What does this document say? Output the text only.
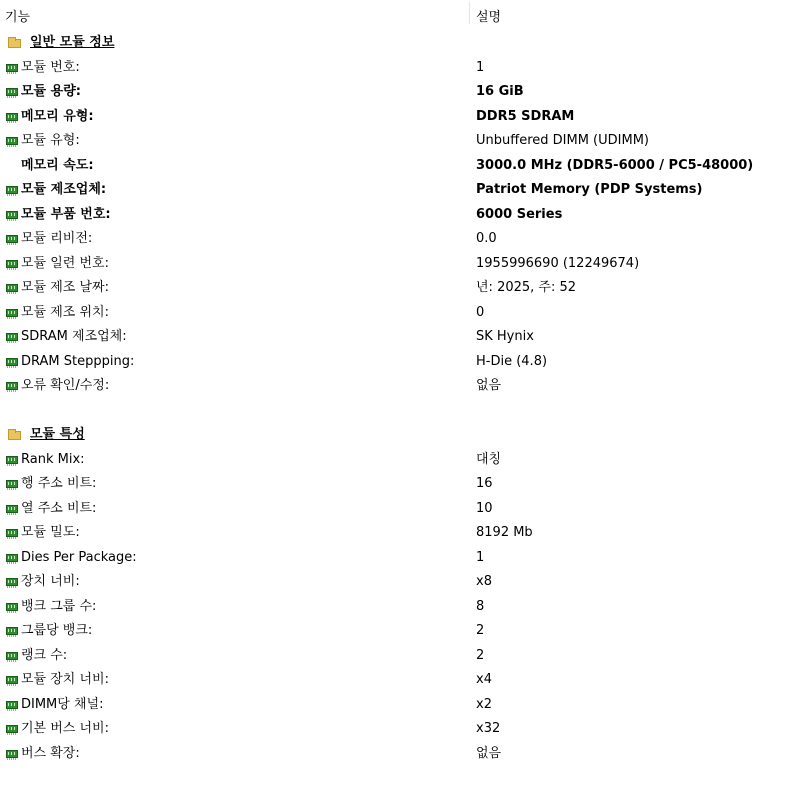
기능	설명
일반 모듈 정보
모듈 번호:	1
모듈 용량:	16 GiB
메모리 유형:	DDR5 SDRAM
모듈 유형:	Unbuffered DIMM (UDIMM)
메모리 속도:	3000.0 MHz (DDR5-6000 / PC5-48000)
모듈 제조업체:	Patriot Memory (PDP Systems)
모듈 부품 번호:	6000 Series
모듈 리비전:	0.0
모듈 일련 번호:	1955996690 (12249674)
모듈 제조 날짜:	년: 2025, 주: 52
모듈 제조 위치:	0
SDRAM 제조업체:	SK Hynix
DRAM Steppping:	H-Die (4.8)
오류 확인/수정:	없음
모듈 특성
Rank Mix:	대칭
행 주소 비트:	16
열 주소 비트:	10
모듈 밀도:	8192 Mb
Dies Per Package:	1
장치 너비:	x8
뱅크 그룹 수:	8
그룹당 뱅크:	2
랭크 수:	2
모듈 장치 너비:	x4
DIMM당 채널:	x2
기본 버스 너비:	x32
버스 확장:	없음
